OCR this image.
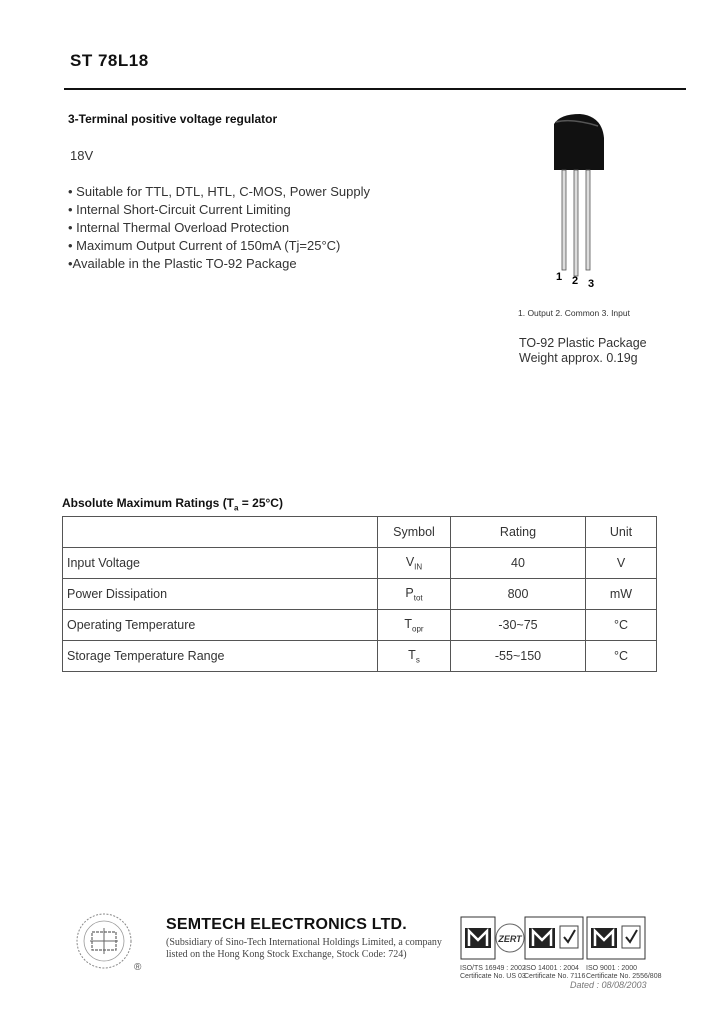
ST 78L18
3-Terminal positive voltage regulator
18V
• Suitable for TTL, DTL, HTL, C-MOS, Power Supply
• Internal Short-Circuit Current Limiting
• Internal Thermal Overload Protection
• Maximum Output Current of 150mA (Tj=25°C)
•Available in the Plastic TO-92 Package
1 2 3
1. Output 2. Common 3. Input
TO-92 Plastic Package
Weight approx. 0.19g
Absolute Maximum Ratings $(T_a = 25^\circ C)$
	Symbol	Rating	Unit
Input Voltage	$V_{IN}$	40	V
Power Dissipation	$P_{tot}$	800	mW
Operating Temperature	$T_{opr}$	-30~75	°C
Storage Temperature Range	$T_s$	-55~150	°C
®
SEMTECH ELECTRONICS LTD.
(Subsidiary of Sino-Tech International Holdings Limited, a company
listed on the Hong Kong Stock Exchange, Stock Code: 724)
ZERT
ISO/TS 16949 : 2002
Certificate No. US 03
ISO 14001 : 2004
Certificate No. 7116
ISO 9001 : 2000
Certificate No. 2556/808
Dated : 08/08/2003
